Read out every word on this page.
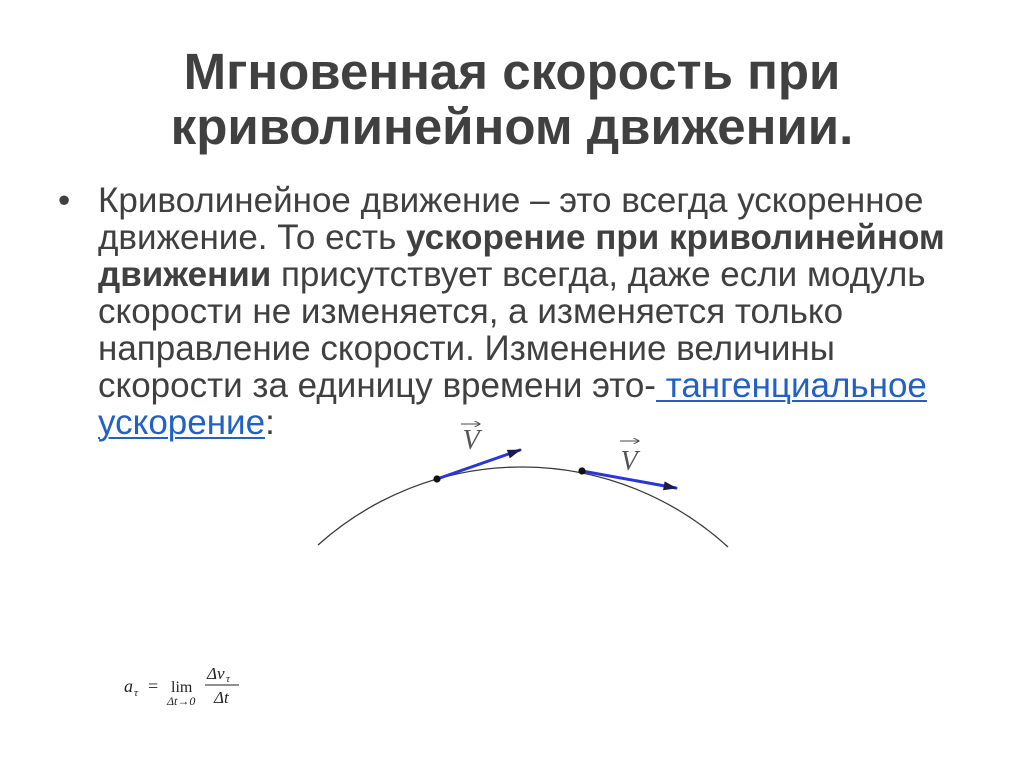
Мгновенная скорость при
криволинейном движении.
• Криволинейное движение – это всегда ускоренное
движение. То есть ускорение при криволинейном
движении присутствует всегда, даже если модуль
скорости не изменяется, а изменяется только
направление скорости. Изменение величины
скорости за единицу времени это- тангенциальное
ускорение:	V
V
a τ = lim
Δt→0
Δv τ
Δt
